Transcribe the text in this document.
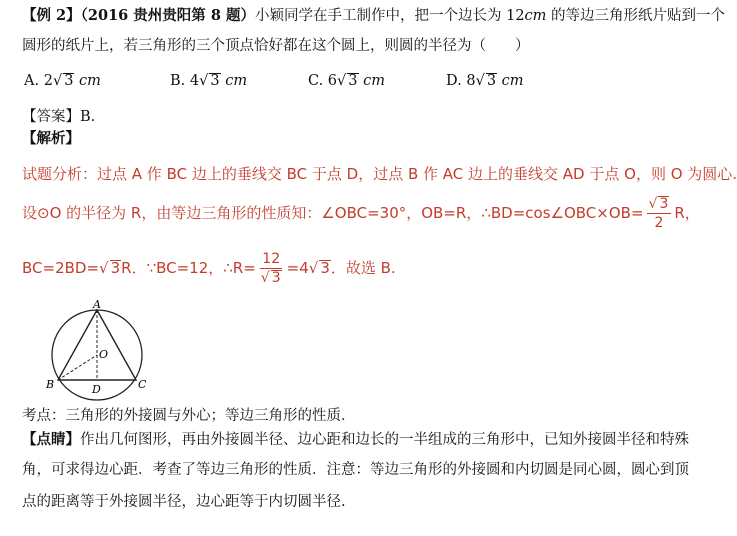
【例 2】（2016 贵州贵阳第 8 题）小颖同学在手工制作中，把一个边长为 12cm 的等边三角形纸片贴到一个
圆形的纸片上，若三角形的三个顶点恰好都在这个圆上，则圆的半径为（　　）
A. 2√ 3 cm	B. 4√ 3 cm	C. 6√ 3 cm	D. 8√ 3 cm
【答案】B.
【解析】
试题分析：过点 A 作 BC 边上的垂线交 BC 于点 D，过点 B 作 AC 边上的垂线交 AD 于点 O，则 O 为圆心.
设⊙O 的半径为 R，由等边三角形的性质知：∠OBC=30°，OB=R，∴BD=cos∠OBC×OB= $\frac{√ 3}{2}$ R，
BC=2BD=√ 3R．∵BC=12，∴R= $\frac{12}{√ 3} =4√$ 3．故选 B.
A
O
B	D	C
考点：三角形的外接圆与外心；等边三角形的性质．
【点睛】作出几何图形，再由外接圆半径、边心距和边长的一半组成的三角形中，已知外接圆半径和特殊
角，可求得边心距．考查了等边三角形的性质．注意：等边三角形的外接圆和内切圆是同心圆，圆心到顶
点的距离等于外接圆半径，边心距等于内切圆半径.
